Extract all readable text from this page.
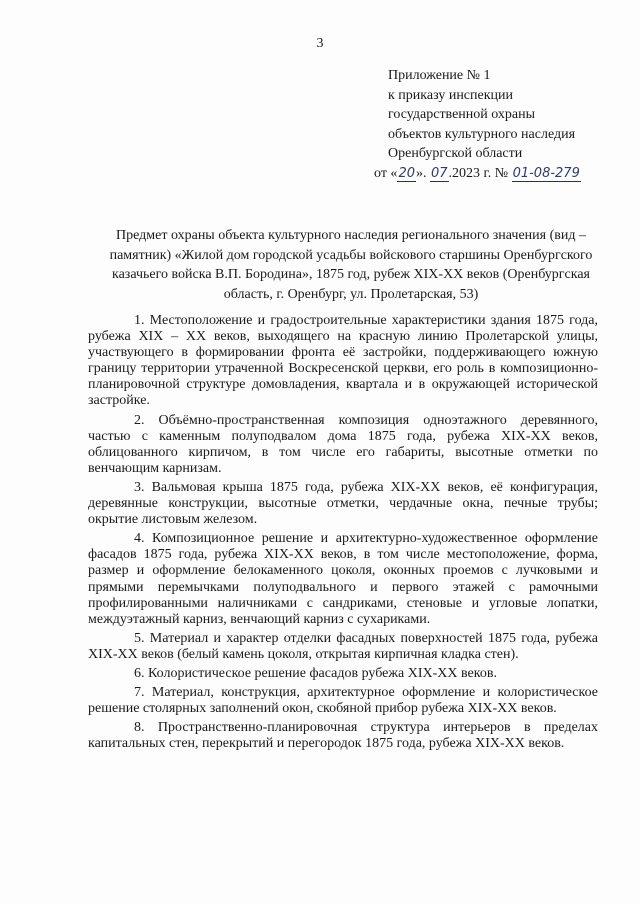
3
Приложение № 1
к приказу инспекции
государственной охраны
объектов культурного наследия
Оренбургской области
от «20». 07.2023 г. № 01-08-279
Предмет охраны объекта культурного наследия регионального значения (вид – памятник) «Жилой дом городской усадьбы войскового старшины Оренбургского казачьего войска В.П. Бородина», 1875 год, рубеж XIX-XX веков (Оренбургская область, г. Оренбург, ул. Пролетарская, 53)

1. Местоположение и градостроительные характеристики здания 1875 года, рубежа XIX – XX веков, выходящего на красную линию Пролетарской улицы, участвующего в формировании фронта её застройки, поддерживающего южную границу территории утраченной Воскресенской церкви, его роль в композиционно-планировочной структуре домовладения, квартала и в окружающей исторической застройке.

2. Объёмно-пространственная композиция одноэтажного деревянного, частью с каменным полуподвалом дома 1875 года, рубежа XIX-XX веков, облицованного кирпичом, в том числе его габариты, высотные отметки по венчающим карнизам.

3. Вальмовая крыша 1875 года, рубежа XIX-XX веков, её конфигурация, деревянные конструкции, высотные отметки, чердачные окна, печные трубы; окрытие листовым железом.

4. Композиционное решение и архитектурно-художественное оформление фасадов 1875 года, рубежа XIX-XX веков, в том числе местоположение, форма, размер и оформление белокаменного цоколя, оконных проемов с лучковыми и прямыми перемычками полуподвального и первого этажей с рамочными профилированными наличниками с сандриками, стеновые и угловые лопатки, междуэтажный карниз, венчающий карниз с сухариками.

5. Материал и характер отделки фасадных поверхностей 1875 года, рубежа XIX-XX веков (белый камень цоколя, открытая кирпичная кладка стен).

6. Колористическое решение фасадов рубежа XIX-XX веков.

7. Материал, конструкция, архитектурное оформление и колористическое решение столярных заполнений окон, скобяной прибор рубежа XIX-XX веков.

8. Пространственно-планировочная структура интерьеров в пределах капитальных стен, перекрытий и перегородок 1875 года, рубежа XIX-XX веков.
